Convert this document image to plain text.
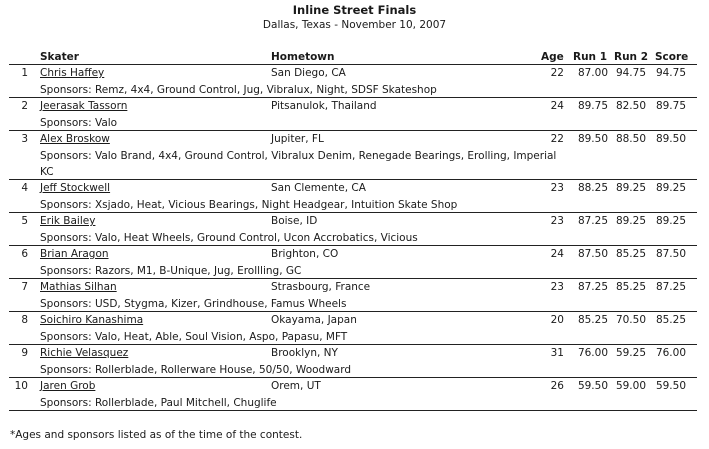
Inline Street Finals
Dallas, Texas - November 10, 2007
Skater	Hometown	Age Run 1 Run 2 Score
1 Chris Haffey	San Diego, CA	22	87.00 94.75 94.75
Sponsors: Remz, 4x4, Ground Control, Jug, Vibralux, Night, SDSF Skateshop
2 Jeerasak Tassorn	Pitsanulok, Thailand	24	89.75 82.50 89.75
Sponsors: Valo
3 Alex Broskow	Jupiter, FL	22	89.50 88.50 89.50
Sponsors: Valo Brand, 4x4, Ground Control, Vibralux Denim, Renegade Bearings, Erolling, Imperial KC
4 Jeff Stockwell	San Clemente, CA	23	88.25 89.25 89.25
Sponsors: Xsjado, Heat, Vicious Bearings, Night Headgear, Intuition Skate Shop
5 Erik Bailey	Boise, ID	23	87.25 89.25 89.25
Sponsors: Valo, Heat Wheels, Ground Control, Ucon Accrobatics, Vicious
6 Brian Aragon	Brighton, CO	24	87.50 85.25 87.50
Sponsors: Razors, M1, B-Unique, Jug, Erollling, GC
7 Mathias Silhan	Strasbourg, France	23	87.25 85.25 87.25
Sponsors: USD, Stygma, Kizer, Grindhouse, Famus Wheels
8 Soichiro Kanashima	Okayama, Japan	20	85.25 70.50 85.25
Sponsors: Valo, Heat, Able, Soul Vision, Aspo, Papasu, MFT
9 Richie Velasquez	Brooklyn, NY	31	76.00 59.25 76.00
Sponsors: Rollerblade, Rollerware House, 50/50, Woodward
10 Jaren Grob	Orem, UT	26	59.50 59.00 59.50
Sponsors: Rollerblade, Paul Mitchell, Chuglife
*Ages and sponsors listed as of the time of the contest.
